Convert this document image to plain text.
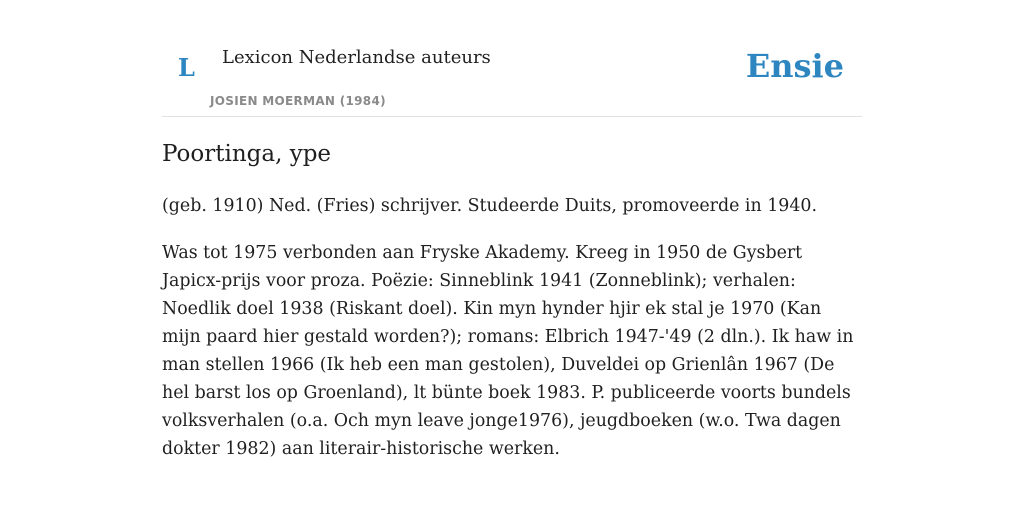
L Lexicon Nederlandse auteurs
JOSIEN MOERMAN (1984)
Ensie
Poortinga, ype

(geb. 1910) Ned. (Fries) schrijver. Studeerde Duits, promoveerde in 1940.

Was tot 1975 verbonden aan Fryske Akademy. Kreeg in 1950 de Gysbert Japicx-prijs voor proza. Poëzie: Sinneblink 1941 (Zonneblink); verhalen: Noedlik doel 1938 (Riskant doel). Kin myn hynder hjir ek stal je 1970 (Kan mijn paard hier gestald worden?); romans: Elbrich 1947-'49 (2 dln.). Ik haw in man stellen 1966 (Ik heb een man gestolen), Duveldei op Grienlân 1967 (De hel barst los op Groenland), lt bünte boek 1983. P. publiceerde voorts bundels volksverhalen (o.a. Och myn leave jonge1976), jeugdboeken (w.o. Twa dagen dokter 1982) aan literair-historische werken.
